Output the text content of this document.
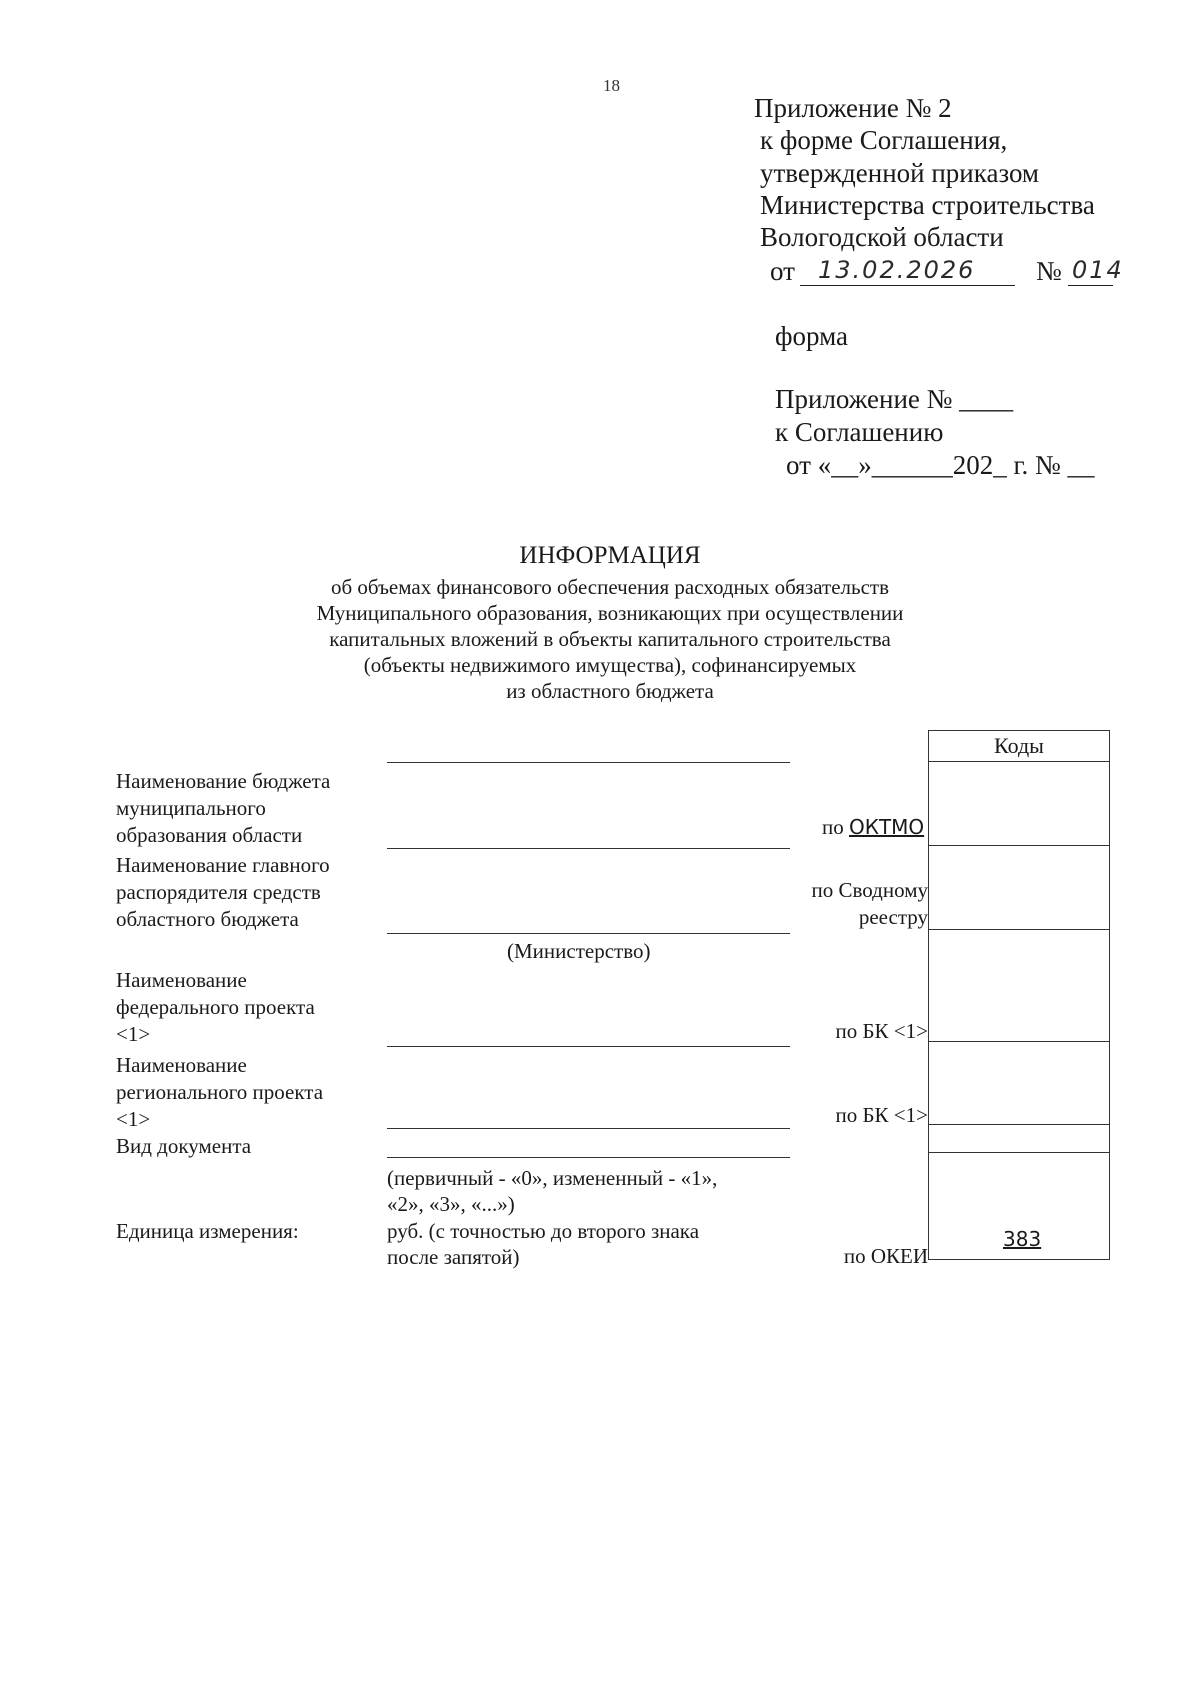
18
Приложение № 2
к форме Соглашения,
утвержденной приказом
Министерства строительства
Вологодской области
от 13.02.2026 № 014
форма
Приложение № ____
к Соглашению
от «__»______202_ г. № __
ИНФОРМАЦИЯ
об объемах финансового обеспечения расходных обязательств
Муниципального образования, возникающих при осуществлении
капитальных вложений в объекты капитального строительства
(объекты недвижимого имущества), софинансируемых
из областного бюджета
Коды
383
Наименование бюджета
муниципального
образования области
Наименование главного
распорядителя средств
областного бюджета
Наименование
федерального проекта
<1>
Наименование
регионального проекта
<1>
Вид документа
Единица измерения:
(Министерство)
(первичный - «0», измененный - «1»,
«2», «3», «...»)
руб. (с точностью до второго знака
после запятой)
по ОКТМО
по Сводному
реестру
по БК <1>
по БК <1>
по ОКЕИ
